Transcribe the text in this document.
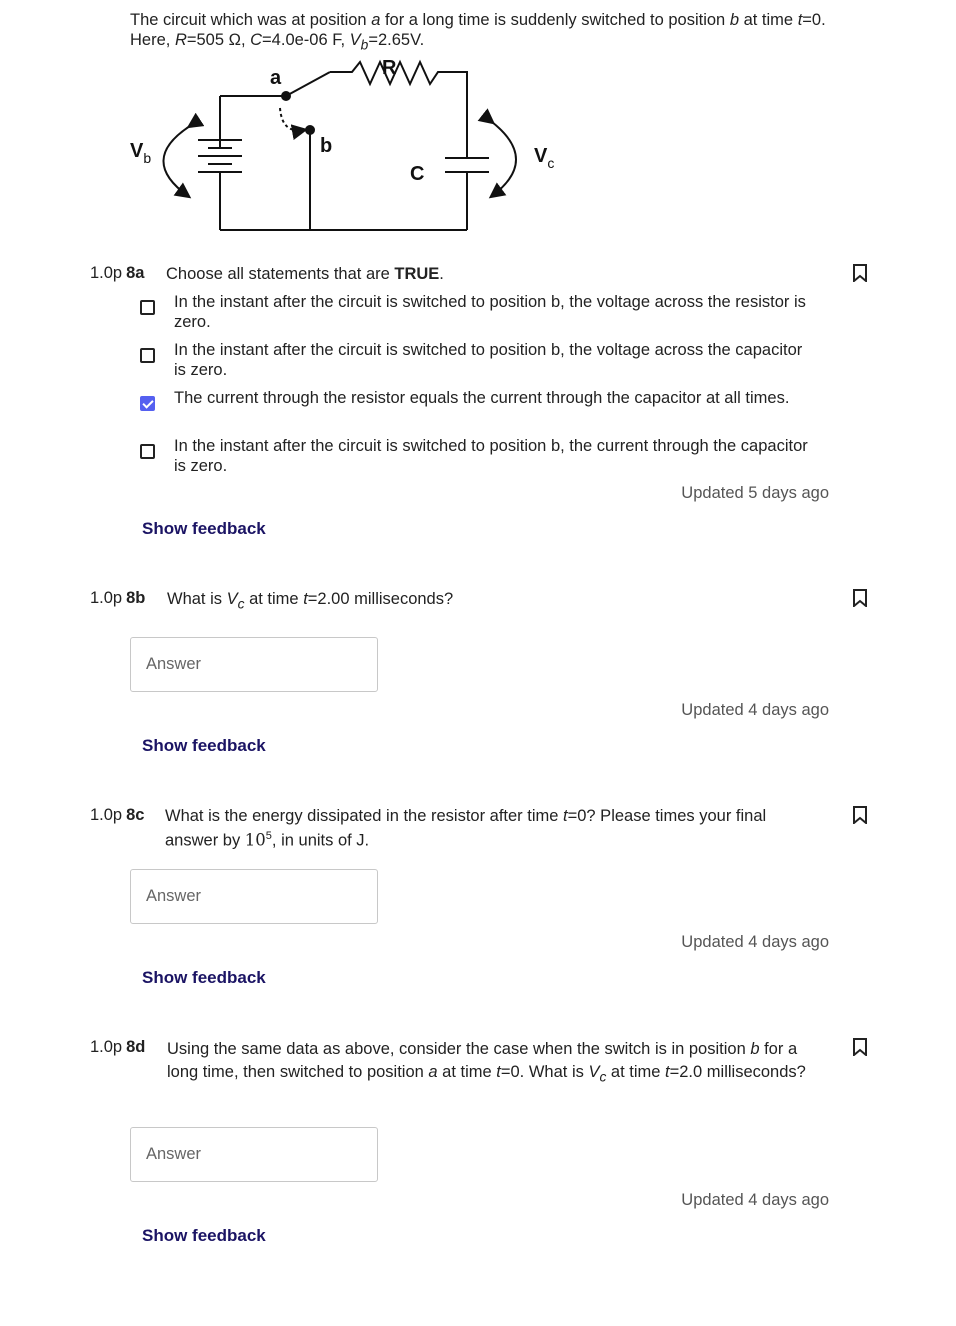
The circuit which was at position a for a long time is suddenly switched to position b at time t=0. Here, R=505 Ω, C=4.0e-06 F, $V_b=2.65V$.
R
a
b
C
$V_b$	$V_c$
1.0p 8a Choose all statements that are TRUE.
In the instant after the circuit is switched to position b, the voltage across the resistor is zero.
In the instant after the circuit is switched to position b, the voltage across the capacitor is zero.
The current through the resistor equals the current through the capacitor at all times.
In the instant after the circuit is switched to position b, the current through the capacitor is zero.
Updated 5 days ago
Show feedback
1.0p 8b What is $V_c$ at time t=2.00 milliseconds?
Answer
Updated 4 days ago
Show feedback
1.0p 8c What is the energy dissipated in the resistor after time t=0? Please times your final answer by $10^5$, in units of J.
Answer
Updated 4 days ago
Show feedback
1.0p 8d Using the same data as above, consider the case when the switch is in position b for a long time, then switched to position a at time t=0. What is $V_c$ at time t=2.0 milliseconds?
Answer
Updated 4 days ago
Show feedback
